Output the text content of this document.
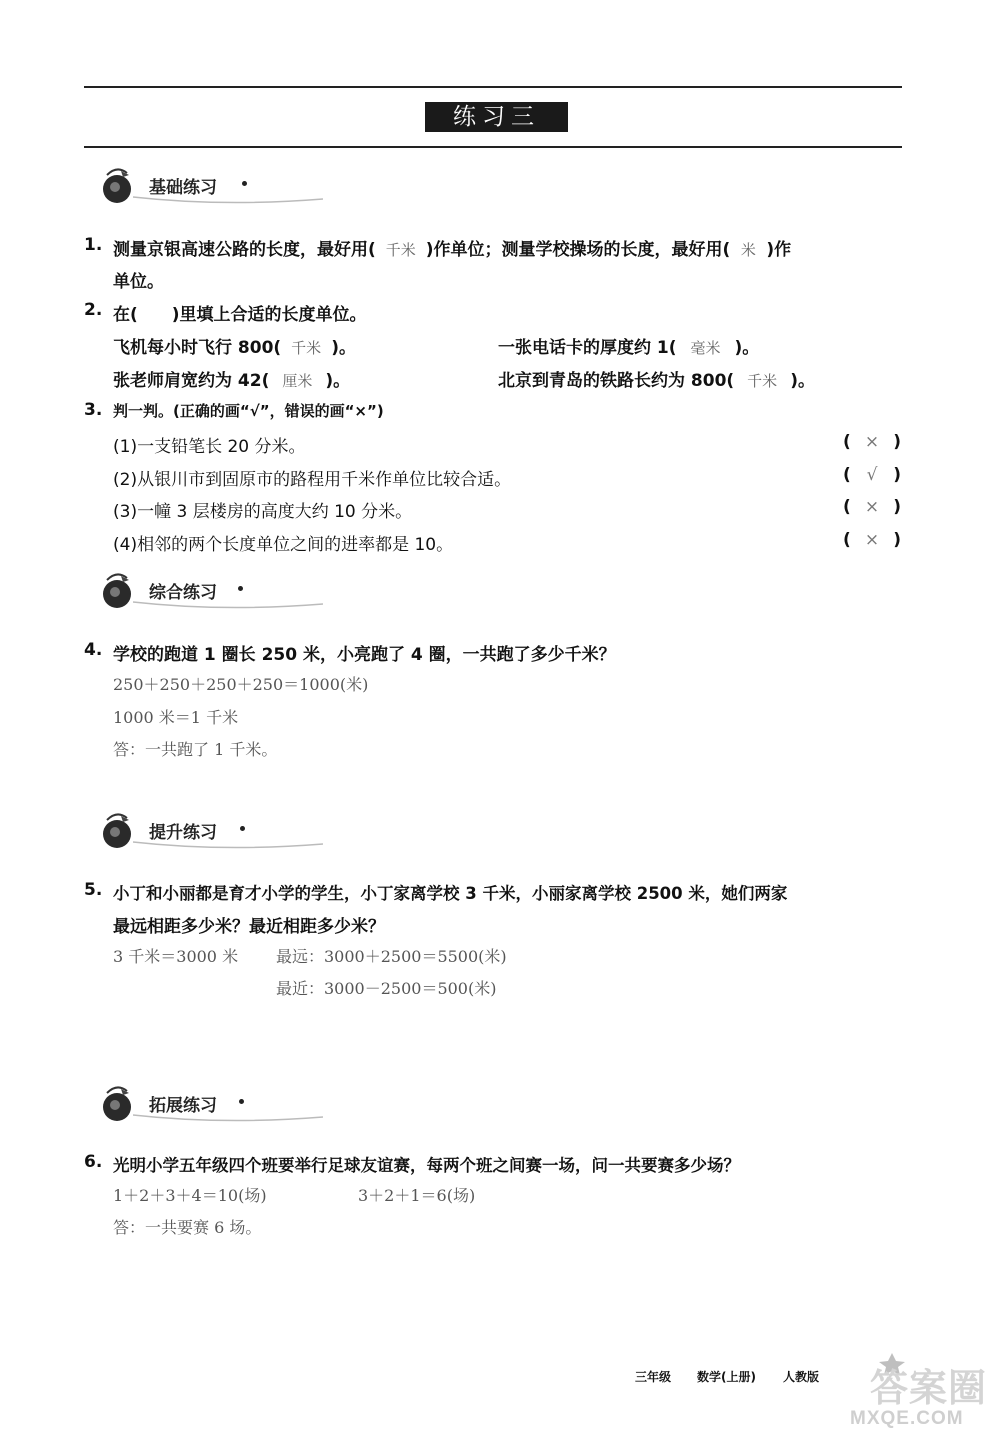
练习三
基础练习
1. 测量京银高速公路的长度，最好用( 千米 )作单位；测量学校操场的长度，最好用( 米 )作
单位。
2. 在(　　)里填上合适的长度单位。
飞机每小时飞行 800( 千米 )。	一张电话卡的厚度约 1( 毫米 )。
张老师肩宽约为 42( 厘米 )。	北京到青岛的铁路长约为 800( 千米 )。
3. 判一判。(正确的画“√”，错误的画“×”)
(1)一支铅笔长 20 分米。	( × )
(2)从银川市到固原市的路程用千米作单位比较合适。	( √ )
(3)一幢 3 层楼房的高度大约 10 分米。	( × )
(4)相邻的两个长度单位之间的进率都是 10。	( × )
综合练习
4. 学校的跑道 1 圈长 250 米，小亮跑了 4 圈，一共跑了多少千米？
250＋250＋250＋250＝1000(米)
1000 米＝1 千米
答：一共跑了 1 千米。
提升练习
5. 小丁和小丽都是育才小学的学生，小丁家离学校 3 千米，小丽家离学校 2500 米，她们两家
最远相距多少米？最近相距多少米？
3 千米＝3000 米 最远：3000＋2500＝5500(米)
最近：3000－2500＝500(米)
拓展练习
6. 光明小学五年级四个班要举行足球友谊赛，每两个班之间赛一场，问一共要赛多少场？
1＋2＋3＋4＝10(场)	3＋2＋1＝6(场)
答：一共要赛 6 场。
三年级 数学(上册) 人教版 答案圈
MXQE.COM
